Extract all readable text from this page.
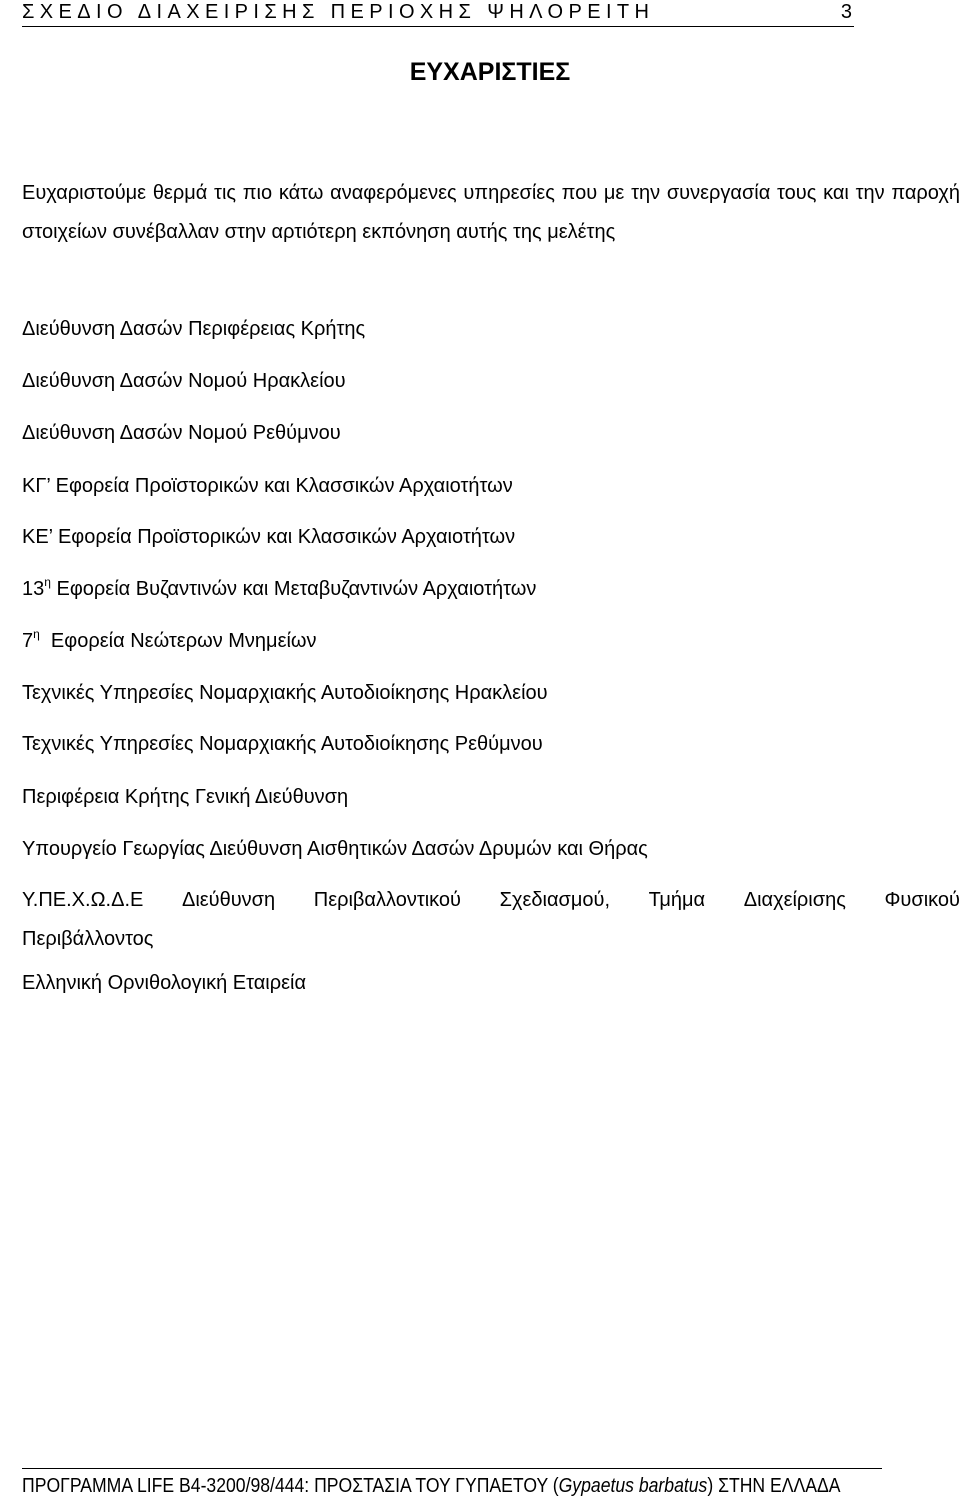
ΣΧΕΔΙΟ ΔΙΑΧΕΙΡΙΣΗΣ ΠΕΡΙΟΧΗΣ ΨΗΛΟΡΕΙΤΗ	3
ΕΥΧΑΡΙΣΤΙΕΣ
Ευχαριστούμε θερμά τις πιο κάτω αναφερόμενες υπηρεσίες που με την συνεργασία τους και την παροχή στοιχείων συνέβαλλαν στην αρτιότερη εκπόνηση αυτής της μελέτης
Διεύθυνση Δασών Περιφέρειας Κρήτης
Διεύθυνση Δασών Νομού Ηρακλείου
Διεύθυνση Δασών Νομού Ρεθύμνου
ΚΓ’ Εφορεία Προϊστορικών και Κλασσικών Αρχαιοτήτων
ΚΕ’ Εφορεία Προϊστορικών και Κλασσικών Αρχαιοτήτων
$13^\eta$ Εφορεία Βυζαντινών και Μεταβυζαντινών Αρχαιοτήτων
$7^\eta$  Εφορεία Νεώτερων Μνημείων
Τεχνικές Υπηρεσίες Νομαρχιακής Αυτοδιοίκησης Ηρακλείου
Τεχνικές Υπηρεσίες Νομαρχιακής Αυτοδιοίκησης Ρεθύμνου
Περιφέρεια Κρήτης Γενική Διεύθυνση
Υπουργείο Γεωργίας Διεύθυνση Αισθητικών Δασών Δρυμών και Θήρας
Υ.ΠΕ.Χ.Ω.Δ.Ε Διεύθυνση Περιβαλλοντικού Σχεδιασμού, Τμήμα Διαχείρισης Φυσικού
Περιβάλλοντος
Ελληνική Ορνιθολογική Εταιρεία
ΠΡΟΓΡΑΜΜΑ LIFE B4-3200/98/444: ΠΡΟΣΤΑΣΙΑ ΤΟΥ ΓΥΠΑΕΤΟΥ (Gypaetus barbatus) ΣΤΗΝ ΕΛΛΑΔΑ
